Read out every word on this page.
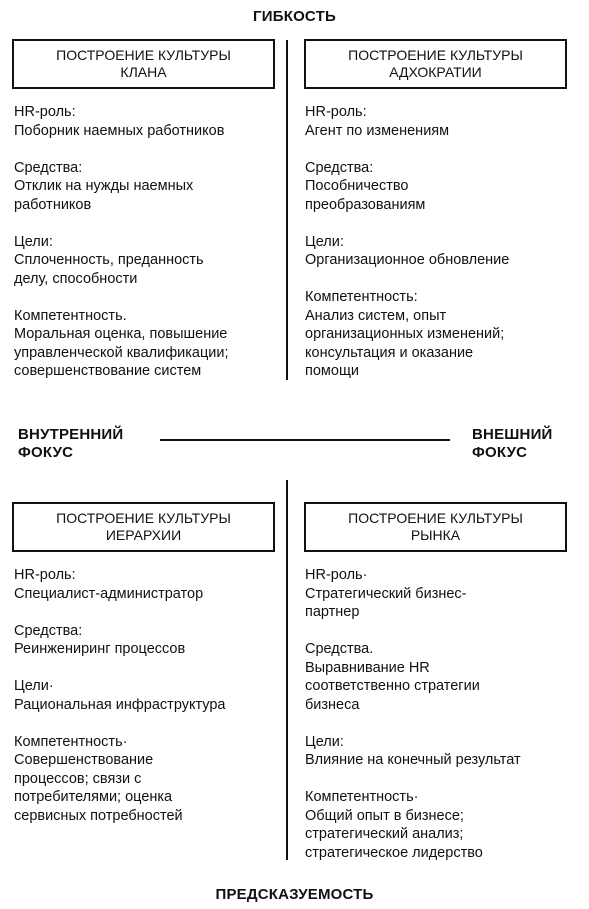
ГИБКОСТЬ
ПРЕДСКАЗУЕМОСТЬ
ВНУТРЕННИЙ
ФОКУС
ВНЕШНИЙ
ФОКУС
ПОСТРОЕНИЕ КУЛЬТУРЫ
КЛАНА
ПОСТРОЕНИЕ КУЛЬТУРЫ
АДХОКРАТИИ
ПОСТРОЕНИЕ КУЛЬТУРЫ
ИЕРАРХИИ
ПОСТРОЕНИЕ КУЛЬТУРЫ
РЫНКА
HR-роль:
Поборник наемных работников
Средства:
Отклик на нужды наемных
работников
Цели:
Сплоченность, преданность
делу, способности
Компетентность.
Моральная оценка, повышение
управленческой квалификации;
совершенствование систем
HR-роль:
Агент по изменениям
Средства:
Пособничество
преобразованиям
Цели:
Организационное обновление
Компетентность:
Анализ систем, опыт
организационных изменений;
консультация и оказание
помощи
HR-роль:
Специалист-администратор
Средства:
Реинжениринг процессов
Цели·
Рациональная инфраструктура
Компетентность·
Совершенствование
процессов; связи с
потребителями; оценка
сервисных потребностей
HR-роль·
Стратегический бизнес-
партнер
Средства.
Выравнивание HR
соответственно стратегии
бизнеса
Цели:
Влияние на конечный результат
Компетентность·
Общий опыт в бизнесе;
стратегический анализ;
стратегическое лидерство
